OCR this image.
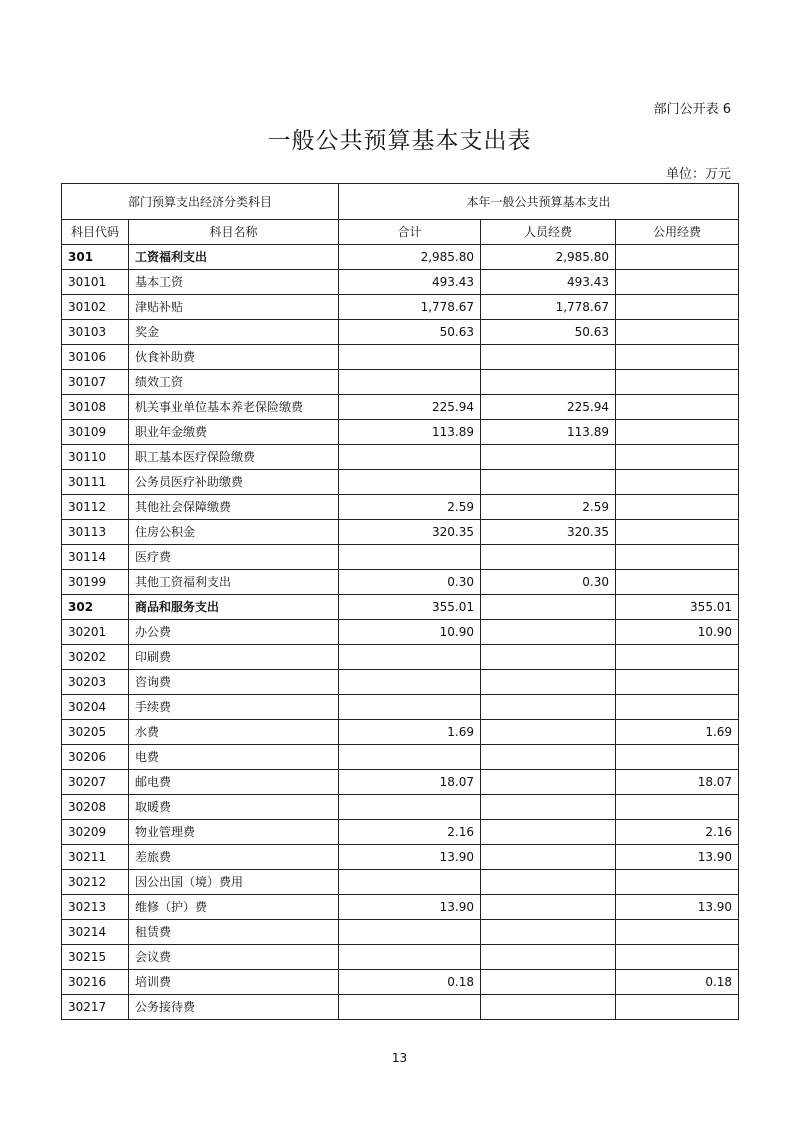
部门公开表 6
一般公共预算基本支出表
单位：万元
部门预算支出经济分类科目		本年一般公共预算基本支出		
科目代码	科目名称	合计	人员经费	公用经费
301	工资福利支出	2,985.80	2,985.80	
30101	基本工资	493.43	493.43	
30102	津贴补贴	1,778.67	1,778.67	
30103	奖金	50.63	50.63	
30106	伙食补助费			
30107	绩效工资			
30108	机关事业单位基本养老保险缴费	225.94	225.94	
30109	职业年金缴费	113.89	113.89	
30110	职工基本医疗保险缴费			
30111	公务员医疗补助缴费			
30112	其他社会保障缴费	2.59	2.59	
30113	住房公积金	320.35	320.35	
30114	医疗费			
30199	其他工资福利支出	0.30	0.30	
302	商品和服务支出	355.01		355.01
30201	办公费	10.90		10.90
30202	印刷费			
30203	咨询费			
30204	手续费			
30205	水费	1.69		1.69
30206	电费			
30207	邮电费	18.07		18.07
30208	取暖费			
30209	物业管理费	2.16		2.16
30211	差旅费	13.90		13.90
30212	因公出国（境）费用			
30213	维修（护）费	13.90		13.90
30214	租赁费			
30215	会议费			
30216	培训费	0.18		0.18
30217	公务接待费			
13
